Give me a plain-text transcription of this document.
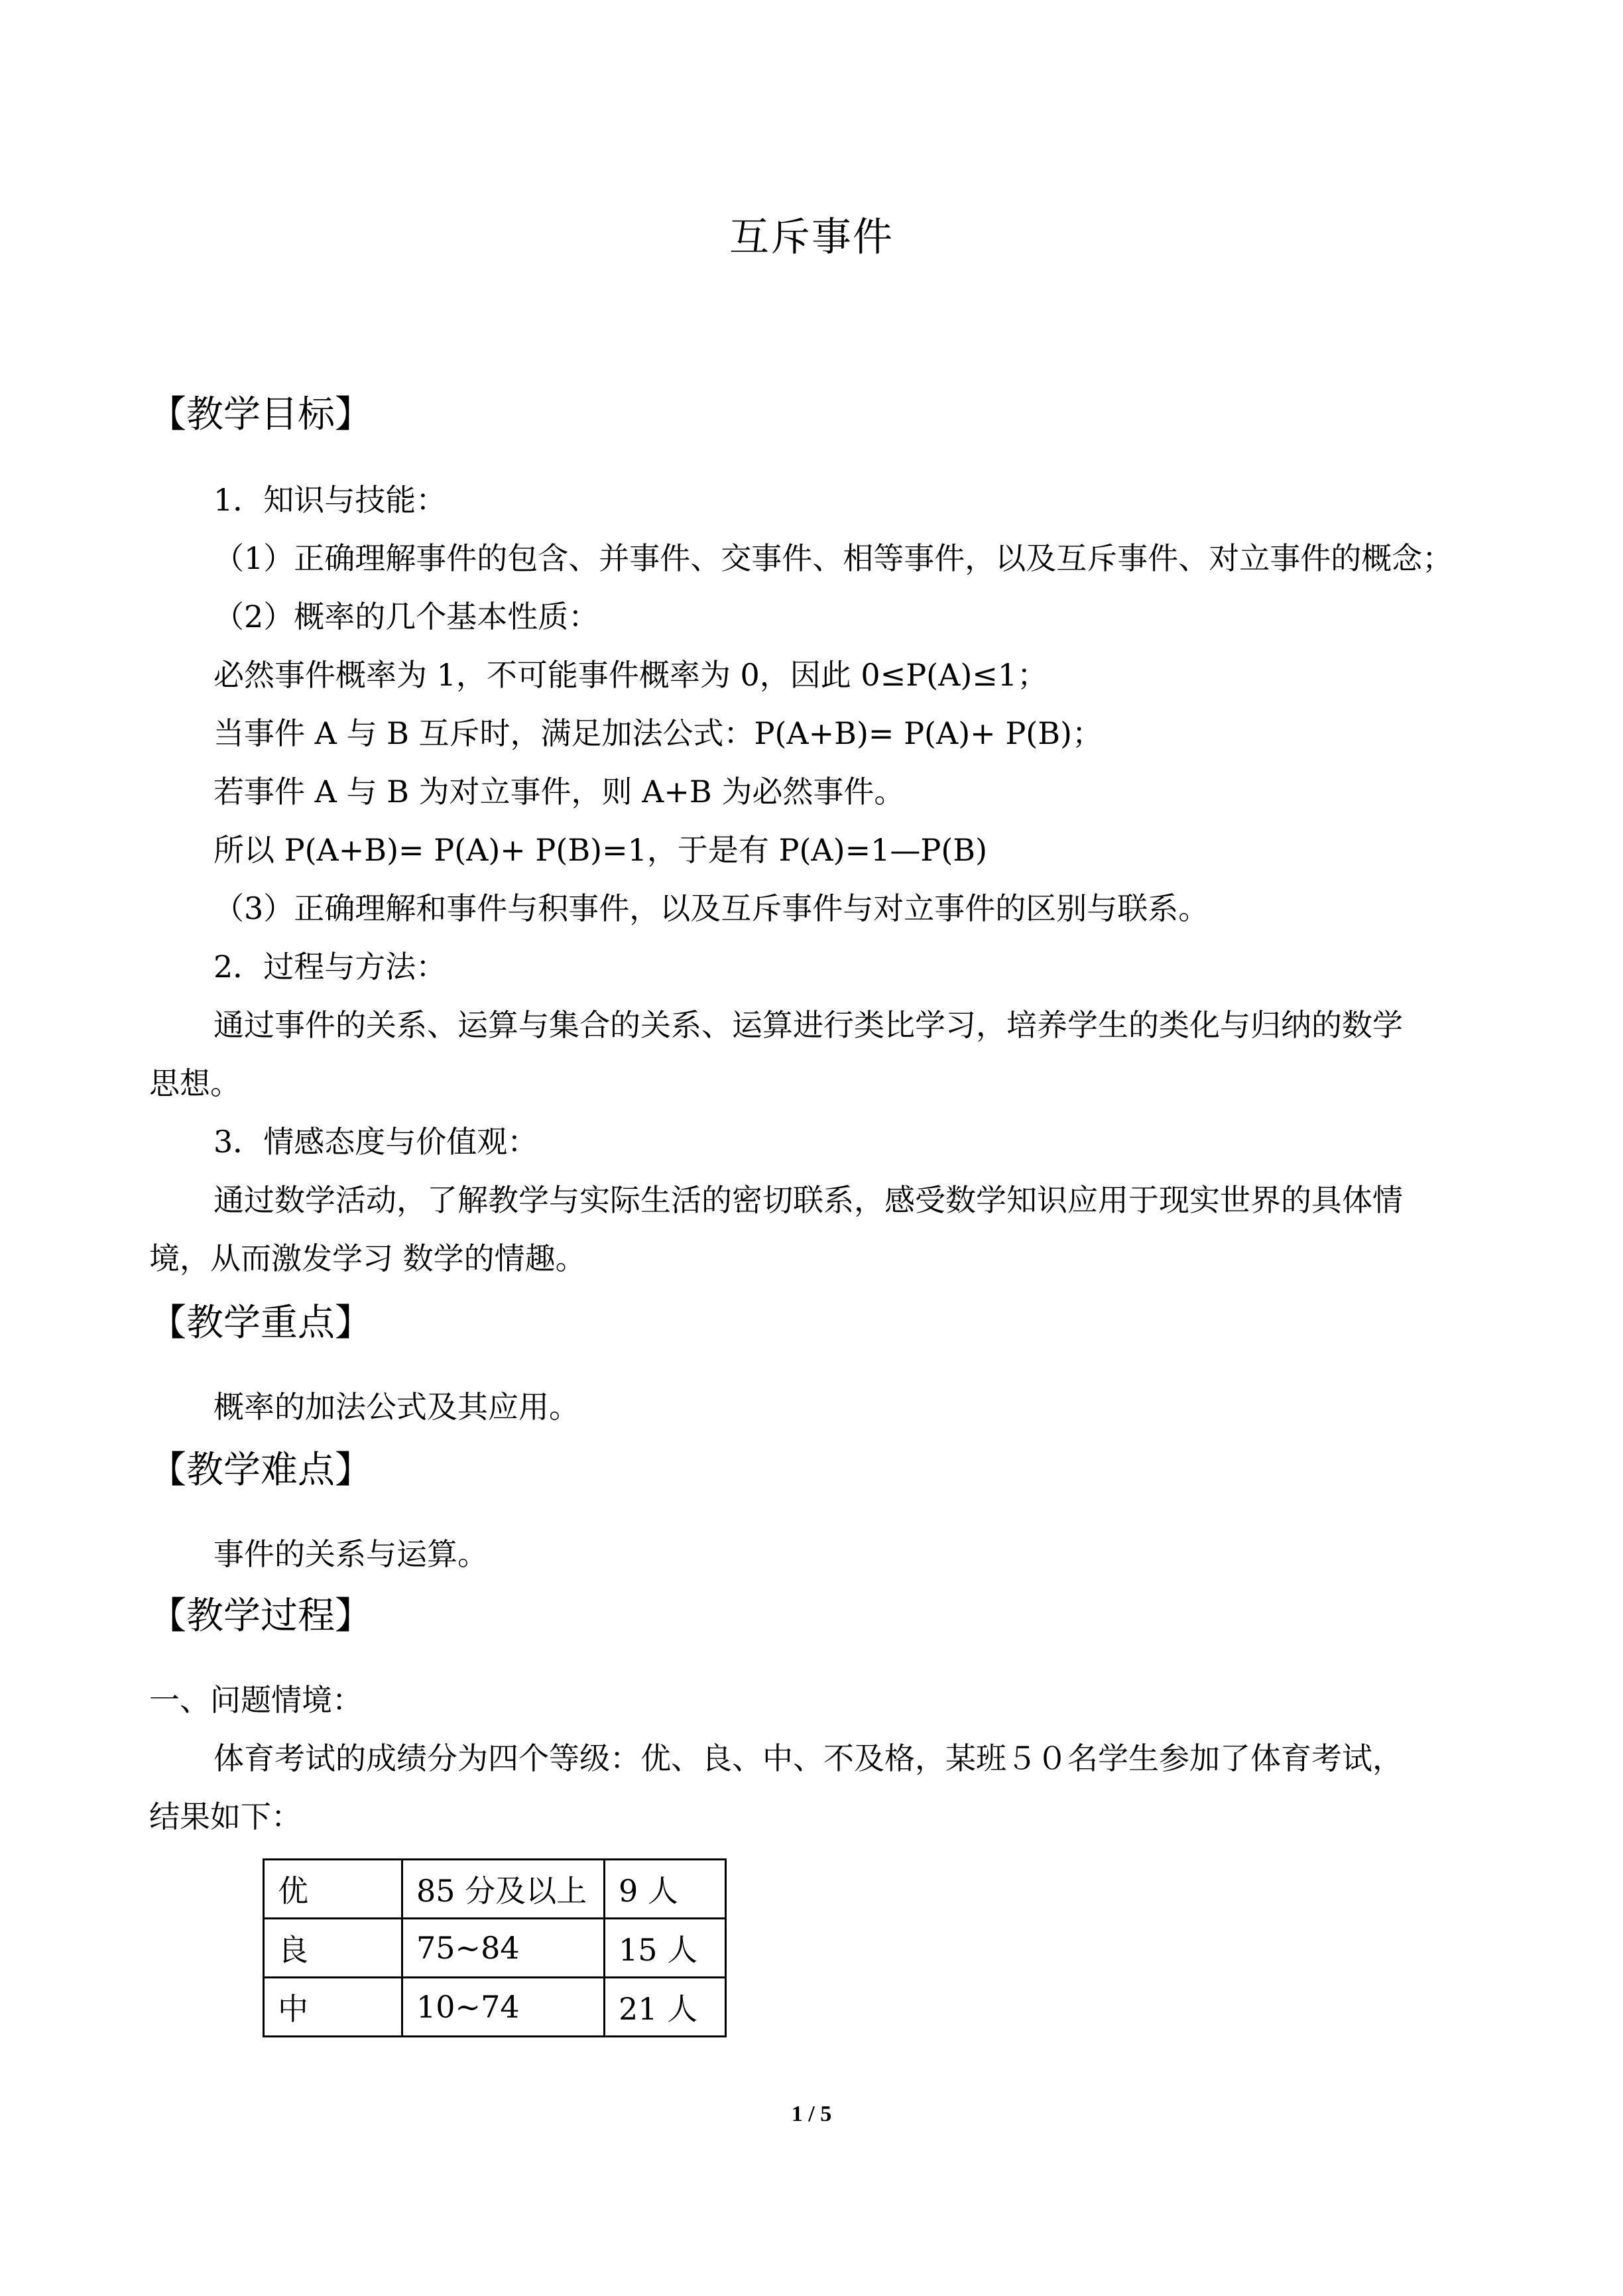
互斥事件
【教学目标】
1．知识与技能：
（1）正确理解事件的包含、并事件、交事件、相等事件，以及互斥事件、对立事件的概念；
（2）概率的几个基本性质：
必然事件概率为 1，不可能事件概率为 0，因此 0≤P(A)≤1；
当事件 A 与 B 互斥时，满足加法公式：P(A+B)= P(A)+ P(B)；
若事件 A 与 B 为对立事件，则 A+B 为必然事件。
所以 P(A+B)= P(A)+ P(B)=1，于是有 P(A)=1—P(B)
（3）正确理解和事件与积事件，以及互斥事件与对立事件的区别与联系。
2．过程与方法：
通过事件的关系、运算与集合的关系、运算进行类比学习，培养学生的类化与归纳的数学
思想。
3．情感态度与价值观：
通过数学活动，了解教学与实际生活的密切联系，感受数学知识应用于现实世界的具体情
境，从而激发学习 数学的情趣。
【教学重点】
概率的加法公式及其应用。
【教学难点】
事件的关系与运算。
【教学过程】
一、问题情境：
体育考试的成绩分为四个等级：优、良、中、不及格，某班５０名学生参加了体育考试，
结果如下：
优	85 分及以上	9 人
良	75~84	15 人
中	10~74	21 人
1 / 5
